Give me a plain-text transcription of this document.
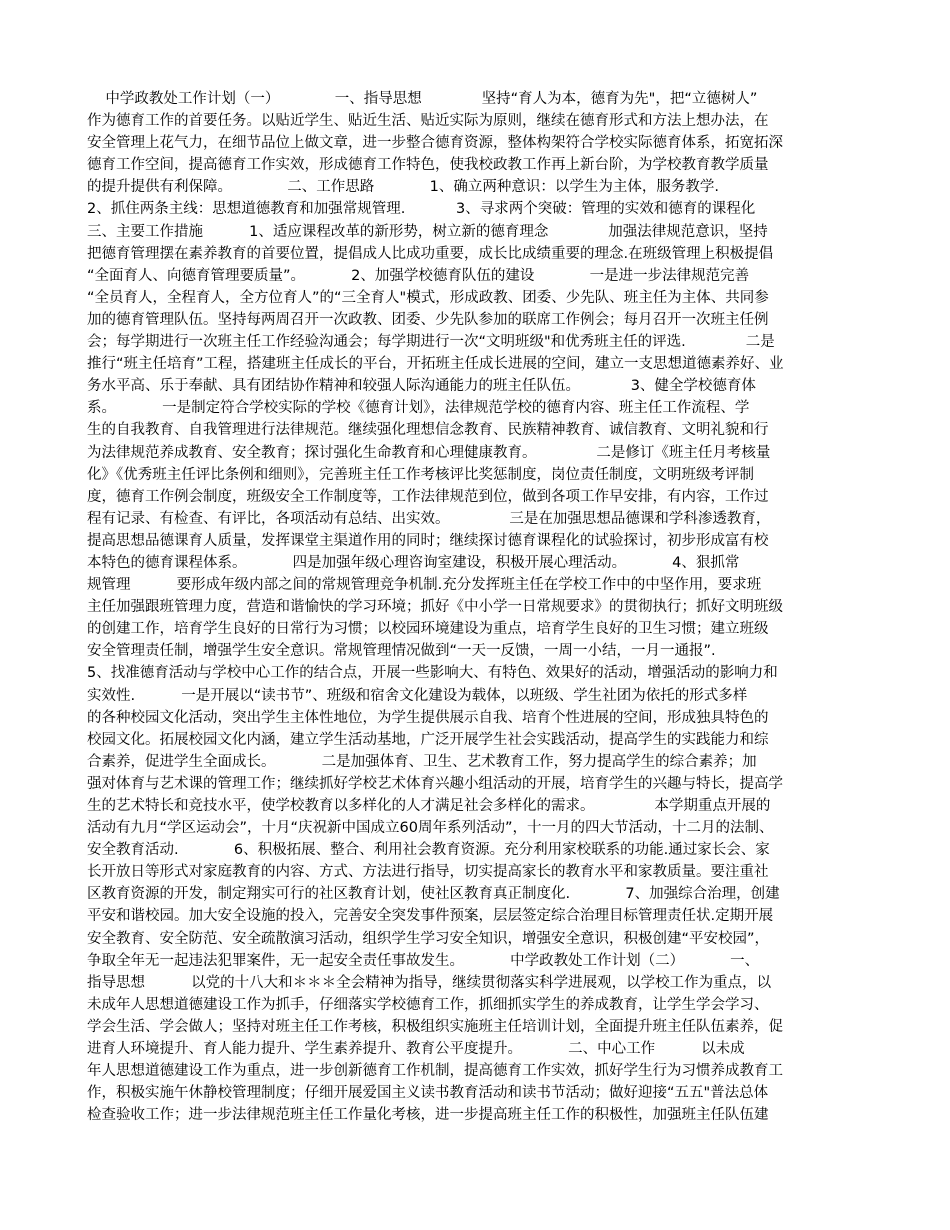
中学政教处工作计划（一）            一、指导思想             坚持“育人为本，德育为先"，把“立德树人”
作为德育工作的首要任务。以贴近学生、贴近生活、贴近实际为原则，继续在德育形式和方法上想办法，在
安全管理上花气力，在细节品位上做文章，进一步整合德育资源，整体构架符合学校实际德育体系，拓宽拓深
德育工作空间，提高德育工作实效，形成德育工作特色，使我校政教工作再上新台阶，为学校教育教学质量
的提升提供有利保障。            二、工作思路            1、确立两种意识：以学生为主体，服务教学.
2、抓住两条主线：思想道德教育和加强常规管理.           3、寻求两个突破：管理的实效和德育的课程化
三、主要工作措施          1、适应课程改革的新形势，树立新的德育理念             加强法律规范意识，坚持
把德育管理摆在素养教育的首要位置，提倡成人比成功重要，成长比成绩重要的理念.在班级管理上积极提倡
“全面育人、向德育管理要质量”。          2、加强学校德育队伍的建设            一是进一步法律规范完善
“全员育人，全程育人，全方位育人”的“三全育人"模式，形成政教、团委、少先队、班主任为主体、共同参
加的德育管理队伍。坚持每两周召开一次政教、团委、少先队参加的联席工作例会；每月召开一次班主任例
会；每学期进行一次班主任工作经验沟通会；每学期进行一次“文明班级"和优秀班主任的评选.             二是
推行“班主任培育”工程，搭建班主任成长的平台，开拓班主任成长进展的空间，建立一支思想道德素养好、业
务水平高、乐于奉献、具有团结协作精神和较强人际沟通能力的班主任队伍。           3、健全学校德育体
系。          一是制定符合学校实际的学校《德育计划》，法律规范学校的德育内容、班主任工作流程、学
生的自我教育、自我管理进行法律规范。继续强化理想信念教育、民族精神教育、诚信教育、文明礼貌和行
为法律规范养成教育、安全教育；探讨强化生命教育和心理健康教育。             二是修订《班主任月考核量
化》《优秀班主任评比条例和细则》，完善班主任工作考核评比奖惩制度，岗位责任制度，文明班级考评制
度，德育工作例会制度，班级安全工作制度等，工作法律规范到位，做到各项工作早安排，有内容，工作过
程有记录、有检查、有评比，各项活动有总结、出实效。             三是在加强思想品德课和学科渗透教育，
提高思想品德课育人质量，发挥课堂主渠道作用的同时；继续探讨德育课程化的试验探讨，初步形成富有校
本特色的德育课程体系。          四是加强年级心理咨询室建设，积极开展心理活动。          4、狠抓常
规管理          要形成年级内部之间的常规管理竞争机制.充分发挥班主任在学校工作中的中坚作用，要求班
主任加强跟班管理力度，营造和谐愉快的学习环境；抓好《中小学一日常规要求》的贯彻执行；抓好文明班级
的创建工作，培育学生良好的日常行为习惯；以校园环境建设为重点，培育学生良好的卫生习惯；建立班级
安全管理责任制，增强学生安全意识。常规管理情况做到“一天一反馈，一周一小结，一月一通报”.
5、找准德育活动与学校中心工作的结合点，开展一些影响大、有特色、效果好的活动，增强活动的影响力和
实效性.          一是开展以“读书节”、班级和宿舍文化建设为载体，以班级、学生社团为依托的形式多样
的各种校园文化活动，突出学生主体性地位，为学生提供展示自我、培育个性进展的空间，形成独具特色的
校园文化。拓展校园文化内涵，建立学生活动基地，广泛开展学生社会实践活动，提高学生的实践能力和综
合素养，促进学生全面成长。          二是加强体育、卫生、艺术教育工作，努力提高学生的综合素养；加
强对体育与艺术课的管理工作；继续抓好学校艺术体育兴趣小组活动的开展，培育学生的兴趣与特长，提高学
生的艺术特长和竞技水平，使学校教育以多样化的人才满足社会多样化的需求。             本学期重点开展的
活动有九月“学区运动会”，十月“庆祝新中国成立60周年系列活动”，十一月的四大节活动，十二月的法制、
安全教育活动.            6、积极拓展、整合、利用社会教育资源。充分利用家校联系的功能.通过家长会、家
长开放日等形式对家庭教育的内容、方式、方法进行指导，切实提高家长的教育水平和家教质量。要注重社
区教育资源的开发，制定翔实可行的社区教育计划，使社区教育真正制度化.            7、加强综合治理，创建
平安和谐校园。加大安全设施的投入，完善安全突发事件预案，层层签定综合治理目标管理责任状.定期开展
安全教育、安全防范、安全疏散演习活动，组织学生学习安全知识，增强安全意识，积极创建“平安校园”，
争取全年无一起违法犯罪案件，无一起安全责任事故发生。          中学政教处工作计划（二）          一、
指导思想          以党的十八大和＊＊＊全会精神为指导，继续贯彻落实科学进展观，以学校工作为重点，以
未成年人思想道德建设工作为抓手，仔细落实学校德育工作，抓细抓实学生的养成教育，让学生学会学习、
学会生活、学会做人；坚持对班主任工作考核，积极组织实施班主任培训计划，全面提升班主任队伍素养，促
进育人环境提升、育人能力提升、学生素养提升、教育公平度提升。          二、中心工作          以未成
年人思想道德建设工作为重点，进一步创新德育工作机制，提高德育工作实效，抓好学生行为习惯养成教育工
作，积极实施午休静校管理制度；仔细开展爱国主义读书教育活动和读书节活动；做好迎接“五五"普法总体
检查验收工作；进一步法律规范班主任工作量化考核，进一步提高班主任工作的积极性，加强班主任队伍建
